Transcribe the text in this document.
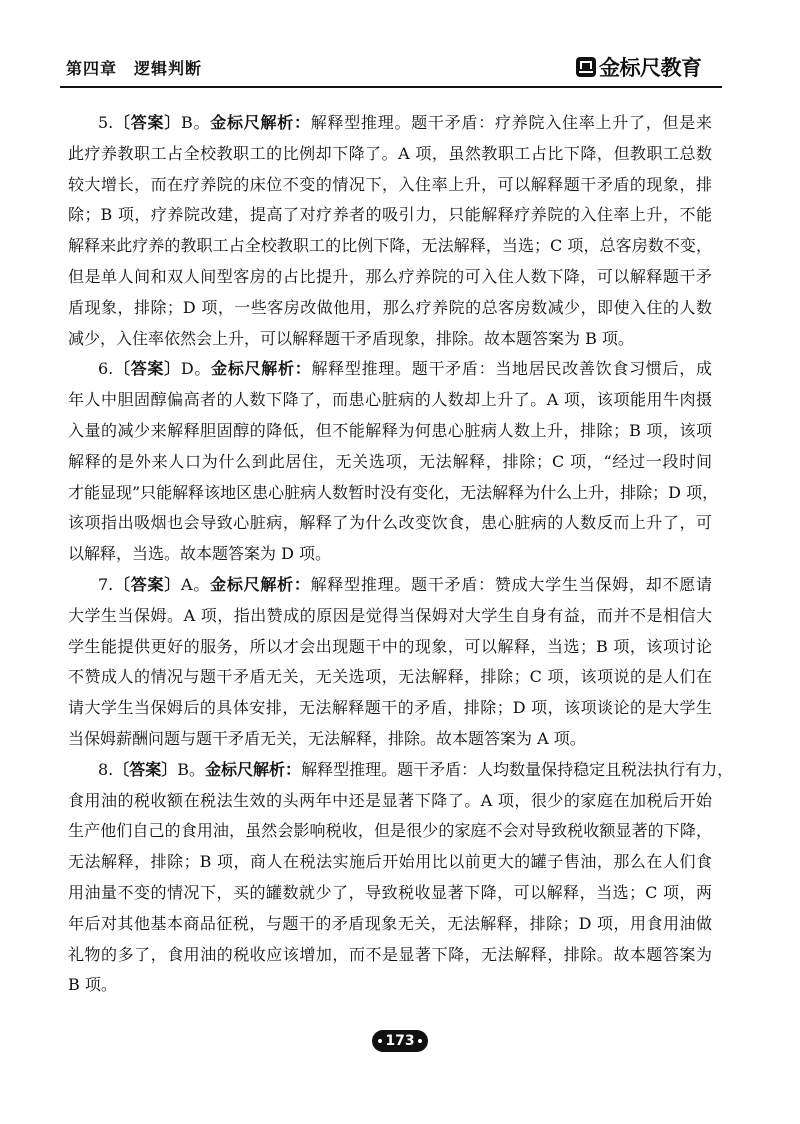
第四章　逻辑判断	金标尺教育
5.〔答案〕B。金标尺解析：解释型推理。题干矛盾：疗养院入住率上升了，但是来
此疗养教职工占全校教职工的比例却下降了。A 项，虽然教职工占比下降，但教职工总数
较大增长，而在疗养院的床位不变的情况下，入住率上升，可以解释题干矛盾的现象，排
除；B 项，疗养院改建，提高了对疗养者的吸引力，只能解释疗养院的入住率上升，不能
解释来此疗养的教职工占全校教职工的比例下降，无法解释，当选；C 项，总客房数不变，
但是单人间和双人间型客房的占比提升，那么疗养院的可入住人数下降，可以解释题干矛
盾现象，排除；D 项，一些客房改做他用，那么疗养院的总客房数减少，即使入住的人数
减少，入住率依然会上升，可以解释题干矛盾现象，排除。故本题答案为 B 项。
6.〔答案〕D。金标尺解析：解释型推理。题干矛盾：当地居民改善饮食习惯后，成
年人中胆固醇偏高者的人数下降了，而患心脏病的人数却上升了。A 项，该项能用牛肉摄
入量的减少来解释胆固醇的降低，但不能解释为何患心脏病人数上升，排除；B 项，该项
解释的是外来人口为什么到此居住，无关选项，无法解释，排除；C 项，“经过一段时间
才能显现”只能解释该地区患心脏病人数暂时没有变化，无法解释为什么上升，排除；D 项，
该项指出吸烟也会导致心脏病，解释了为什么改变饮食，患心脏病的人数反而上升了，可
以解释，当选。故本题答案为 D 项。
7.〔答案〕A。金标尺解析：解释型推理。题干矛盾：赞成大学生当保姆，却不愿请
大学生当保姆。A 项，指出赞成的原因是觉得当保姆对大学生自身有益，而并不是相信大
学生能提供更好的服务，所以才会出现题干中的现象，可以解释，当选；B 项，该项讨论
不赞成人的情况与题干矛盾无关，无关选项，无法解释，排除；C 项，该项说的是人们在
请大学生当保姆后的具体安排，无法解释题干的矛盾，排除；D 项，该项谈论的是大学生
当保姆薪酬问题与题干矛盾无关，无法解释，排除。故本题答案为 A 项。
8.〔答案〕B。金标尺解析：解释型推理。题干矛盾：人均数量保持稳定且税法执行有力，
食用油的税收额在税法生效的头两年中还是显著下降了。A 项，很少的家庭在加税后开始
生产他们自己的食用油，虽然会影响税收，但是很少的家庭不会对导致税收额显著的下降，
无法解释，排除；B 项，商人在税法实施后开始用比以前更大的罐子售油，那么在人们食
用油量不变的情况下，买的罐数就少了，导致税收显著下降，可以解释，当选；C 项，两
年后对其他基本商品征税，与题干的矛盾现象无关，无法解释，排除；D 项，用食用油做
礼物的多了，食用油的税收应该增加，而不是显著下降，无法解释，排除。故本题答案为
B 项。
173
